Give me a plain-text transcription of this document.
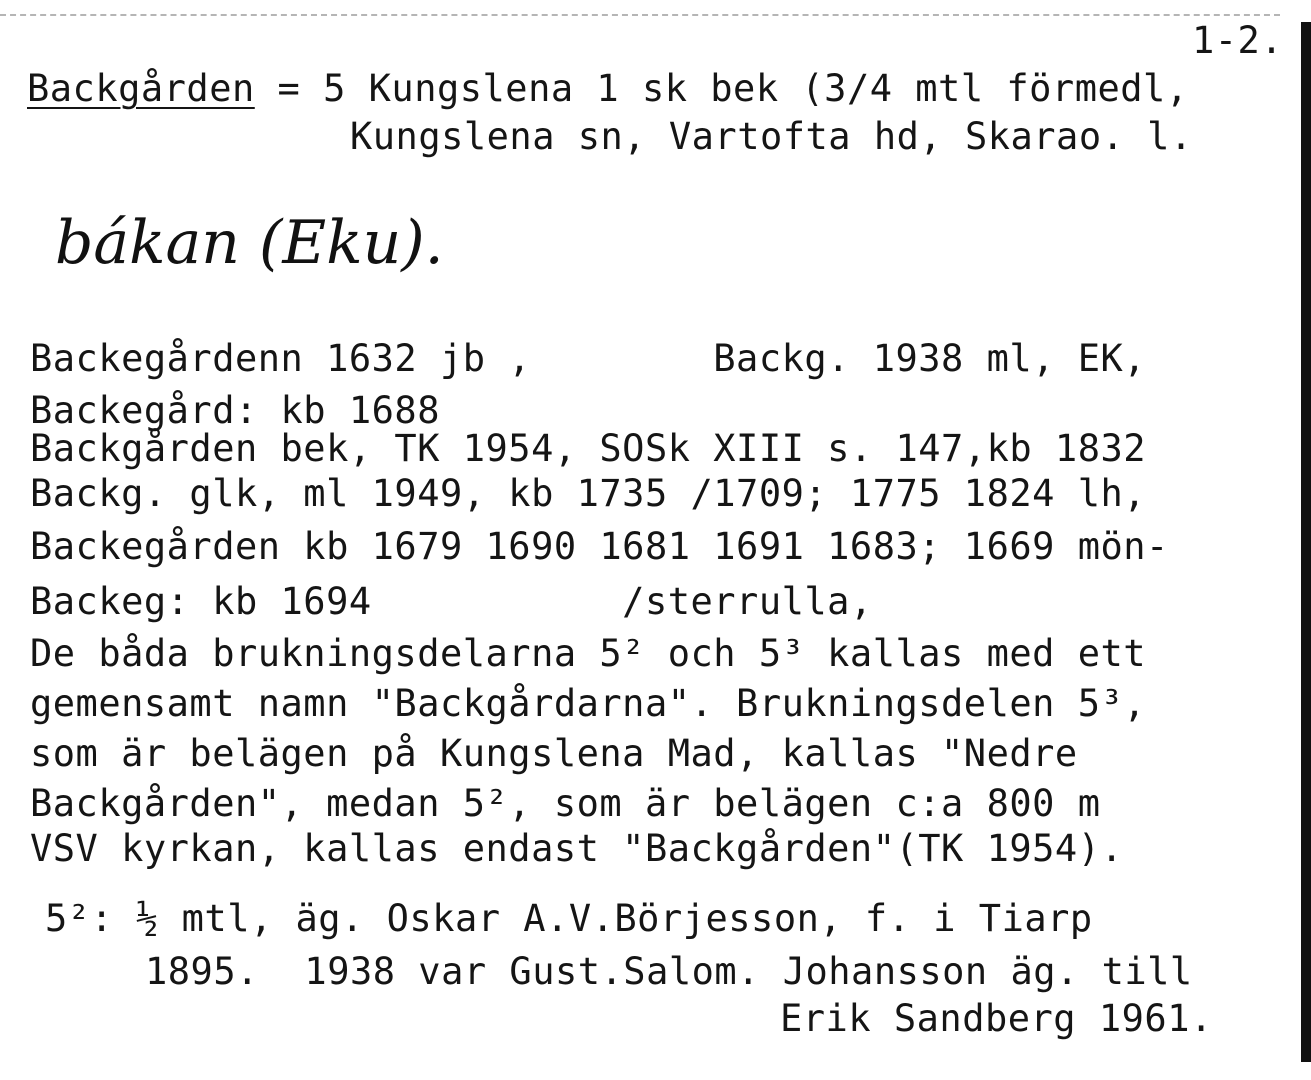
1-2.
Backgården = 5 Kungslena 1 sk bek (3/4 mtl förmedl,
Kungslena sn, Vartofta hd, Skarao. l.
bákan (Eku).
Backegårdenn 1632 jb ,        Backg. 1938 ml, EK,
Backegård: kb 1688
Backgården bek, TK 1954, SOSk XIII s. 147,kb 1832
Backg. glk, ml 1949, kb 1735 /1709; 1775 1824 lh,
Backegården kb 1679 1690 1681 1691 1683; 1669 mön-
Backeg: kb 1694           /sterrulla,
De båda brukningsdelarna 5² och 5³ kallas med ett
gemensamt namn "Backgårdarna". Brukningsdelen 5³,
som är belägen på Kungslena Mad, kallas "Nedre
Backgården", medan 5², som är belägen c:a 800 m
VSV kyrkan, kallas endast "Backgården"(TK 1954).
5²: ½ mtl, äg. Oskar A.V.Börjesson, f. i Tiarp
1895.  1938 var Gust.Salom. Johansson äg. till
Erik Sandberg 1961.
